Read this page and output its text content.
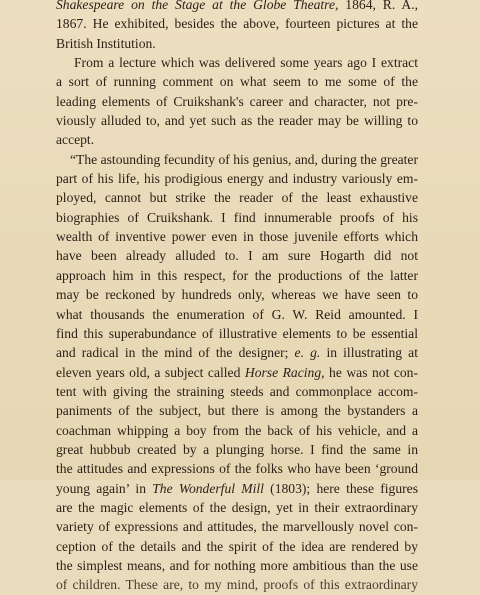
Shakespeare on the Stage at the Globe Theatre, 1864, R. A.,
1867. He exhibited, besides the above, fourteen pictures at the
British Institution.
From a lecture which was delivered some years ago I extract
a sort of running comment on what seem to me some of the
leading elements of Cruikshank's career and character, not pre-
viously alluded to, and yet such as the reader may be willing to
accept.
“The astounding fecundity of his genius, and, during the greater
part of his life, his prodigious energy and industry variously em-
ployed, cannot but strike the reader of the least exhaustive
biographies of Cruikshank. I find innumerable proofs of his
wealth of inventive power even in those juvenile efforts which
have been already alluded to. I am sure Hogarth did not
approach him in this respect, for the productions of the latter
may be reckoned by hundreds only, whereas we have seen to
what thousands the enumeration of G. W. Reid amounted. I
find this superabundance of illustrative elements to be essential
and radical in the mind of the designer; e. g. in illustrating at
eleven years old, a subject called Horse Racing, he was not con-
tent with giving the straining steeds and commonplace accom-
paniments of the subject, but there is among the bystanders a
coachman whipping a boy from the back of his vehicle, and a
great hubbub created by a plunging horse. I find the same in
the attitudes and expressions of the folks who have been ‘ground
young again’ in The Wonderful Mill (1803); here these figures
are the magic elements of the design, yet in their extraordinary
variety of expressions and attitudes, the marvellously novel con-
ception of the details and the spirit of the idea are rendered by
the simplest means, and for nothing more ambitious than the use
of children. These are, to my mind, proofs of this extraordinary
